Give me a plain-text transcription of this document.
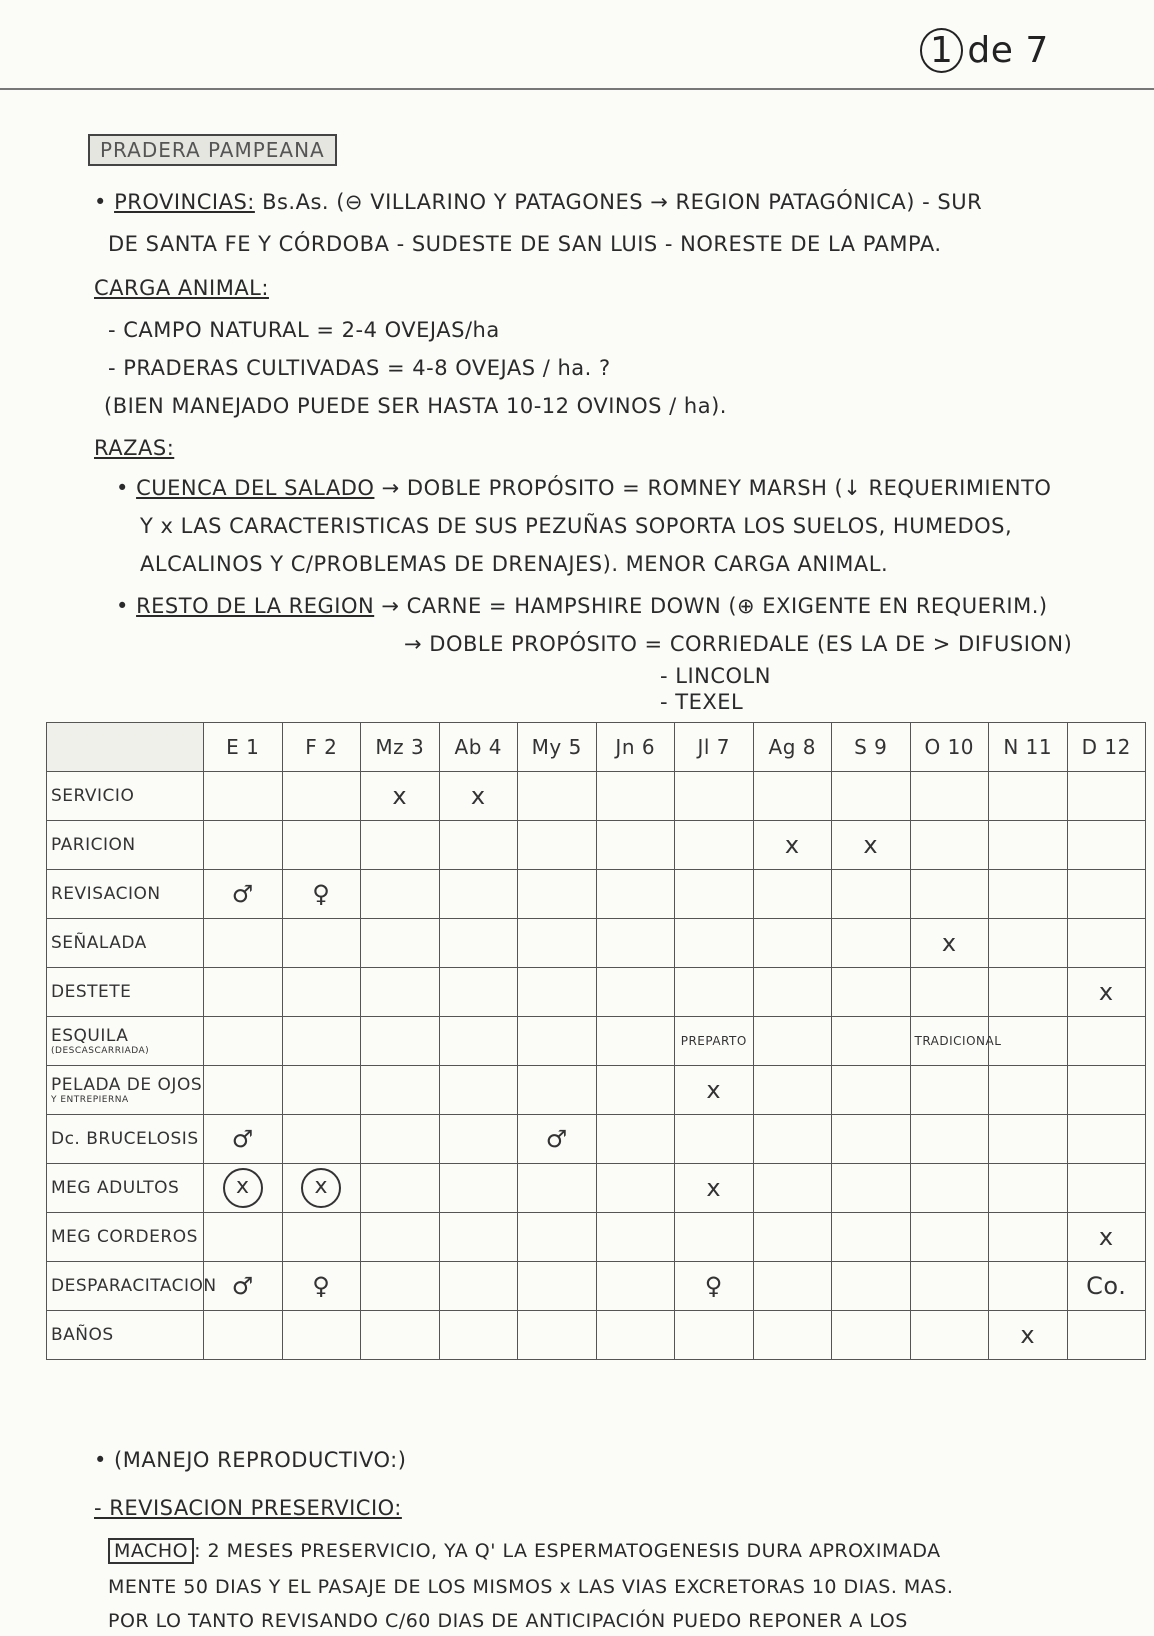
1 de 7
PRADERA PAMPEANA
• PROVINCIAS: Bs.As. (⊖ VILLARINO Y PATAGONES → REGION PATAGÓNICA) - SUR
DE SANTA FE Y CÓRDOBA - SUDESTE DE SAN LUIS - NORESTE DE LA PAMPA.
CARGA ANIMAL:
- CAMPO NATURAL = 2-4 OVEJAS/ha
- PRADERAS CULTIVADAS = 4-8 OVEJAS / ha. ?
(BIEN MANEJADO PUEDE SER HASTA 10-12 OVINOS / ha).
RAZAS:
• CUENCA DEL SALADO → DOBLE PROPÓSITO = ROMNEY MARSH (↓ REQUERIMIENTO
Y x LAS CARACTERISTICAS DE SUS PEZUÑAS SOPORTA LOS SUELOS, HUMEDOS,
ALCALINOS Y C/PROBLEMAS DE DRENAJES). MENOR CARGA ANIMAL.
• RESTO DE LA REGION → CARNE = HAMPSHIRE DOWN (⊕ EXIGENTE EN REQUERIM.)
→ DOBLE PROPÓSITO = CORRIEDALE (ES LA DE > DIFUSION)
- LINCOLN
- TEXEL
	E 1	F 2	Mz 3	Ab 4	My 5	Jn 6	Jl 7	Ag 8	S 9	O 10	N 11	D 12
SERVICIO			x	x								
PARICION								x	x			
REVISACION	♂	♀										
SEÑALADA										x		
DESTETE												x
ESQUILA
(DESCASCARRIADA)							PREPARTO			TRADICIONAL		
PELADA DE OJOS
Y ENTREPIERNA							x					
Dc. BRUCELOSIS	♂				♂							
MEG ADULTOS	x	x					x					
MEG CORDEROS												x
DESPARACITACION	♂	♀					♀					Co.
BAÑOS											x	
• (MANEJO REPRODUCTIVO:)
- REVISACION PRESERVICIO:
MACHO : 2 MESES PRESERVICIO, YA Q' LA ESPERMATOGENESIS DURA APROXIMADA
MENTE 50 DIAS Y EL PASAJE DE LOS MISMOS x LAS VIAS EXCRETORAS 10 DIAS. MAS.
POR LO TANTO REVISANDO C/60 DIAS DE ANTICIPACIÓN PUEDO REPONER A LOS
